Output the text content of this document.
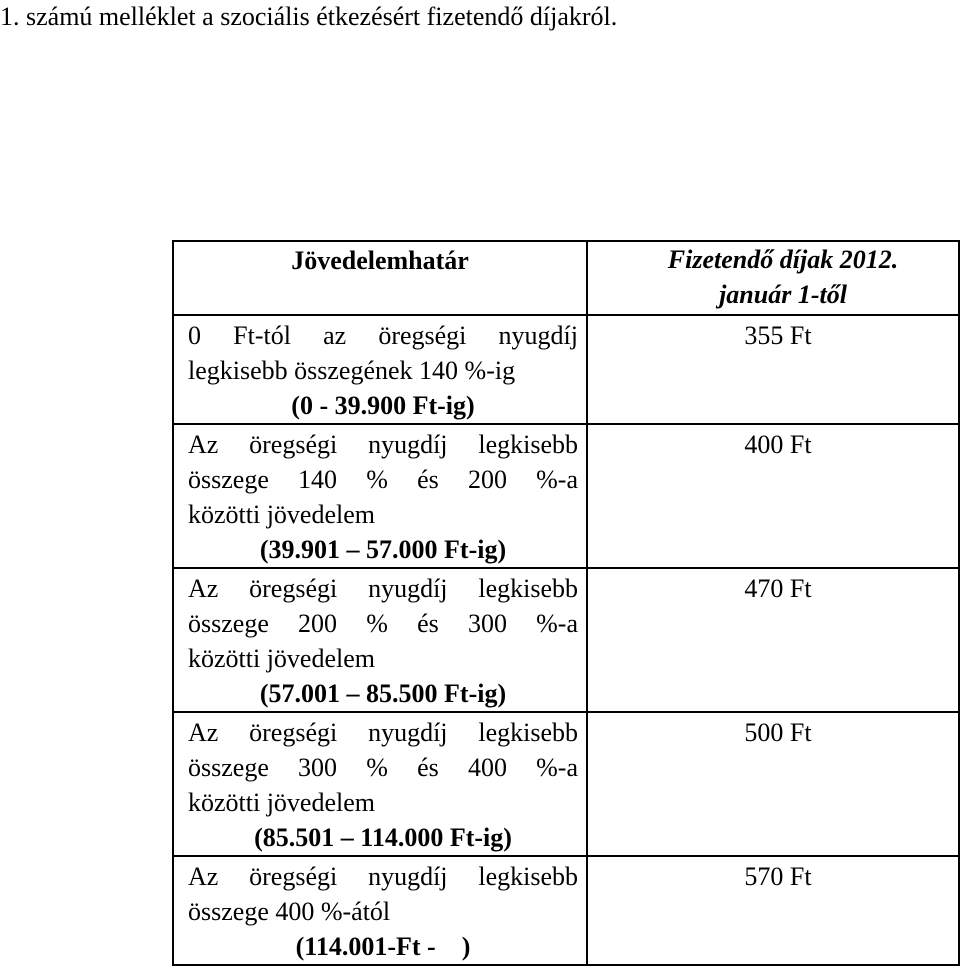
1. számú melléklet a szociális étkezésért fizetendő díjakról.
Jövedelemhatár	Fizetendő díjak 2012.
január 1-től

0 Ft-tól az öregségi nyugdíj
legkisebb összegének 140 %-ig
(0 - 39.900 Ft-ig)	355 Ft

Az öregségi nyugdíj legkisebb
összege 140 % és 200 %-a
közötti jövedelem
(39.901 – 57.000 Ft-ig)	400 Ft

Az öregségi nyugdíj legkisebb
összege 200 % és 300 %-a
közötti jövedelem
(57.001 – 85.500 Ft-ig)	470 Ft

Az öregségi nyugdíj legkisebb
összege 300 % és 400 %-a
közötti jövedelem
(85.501 – 114.000 Ft-ig)	500 Ft

Az öregségi nyugdíj legkisebb
összege 400 %-ától
(114.001-Ft -    )	570 Ft
